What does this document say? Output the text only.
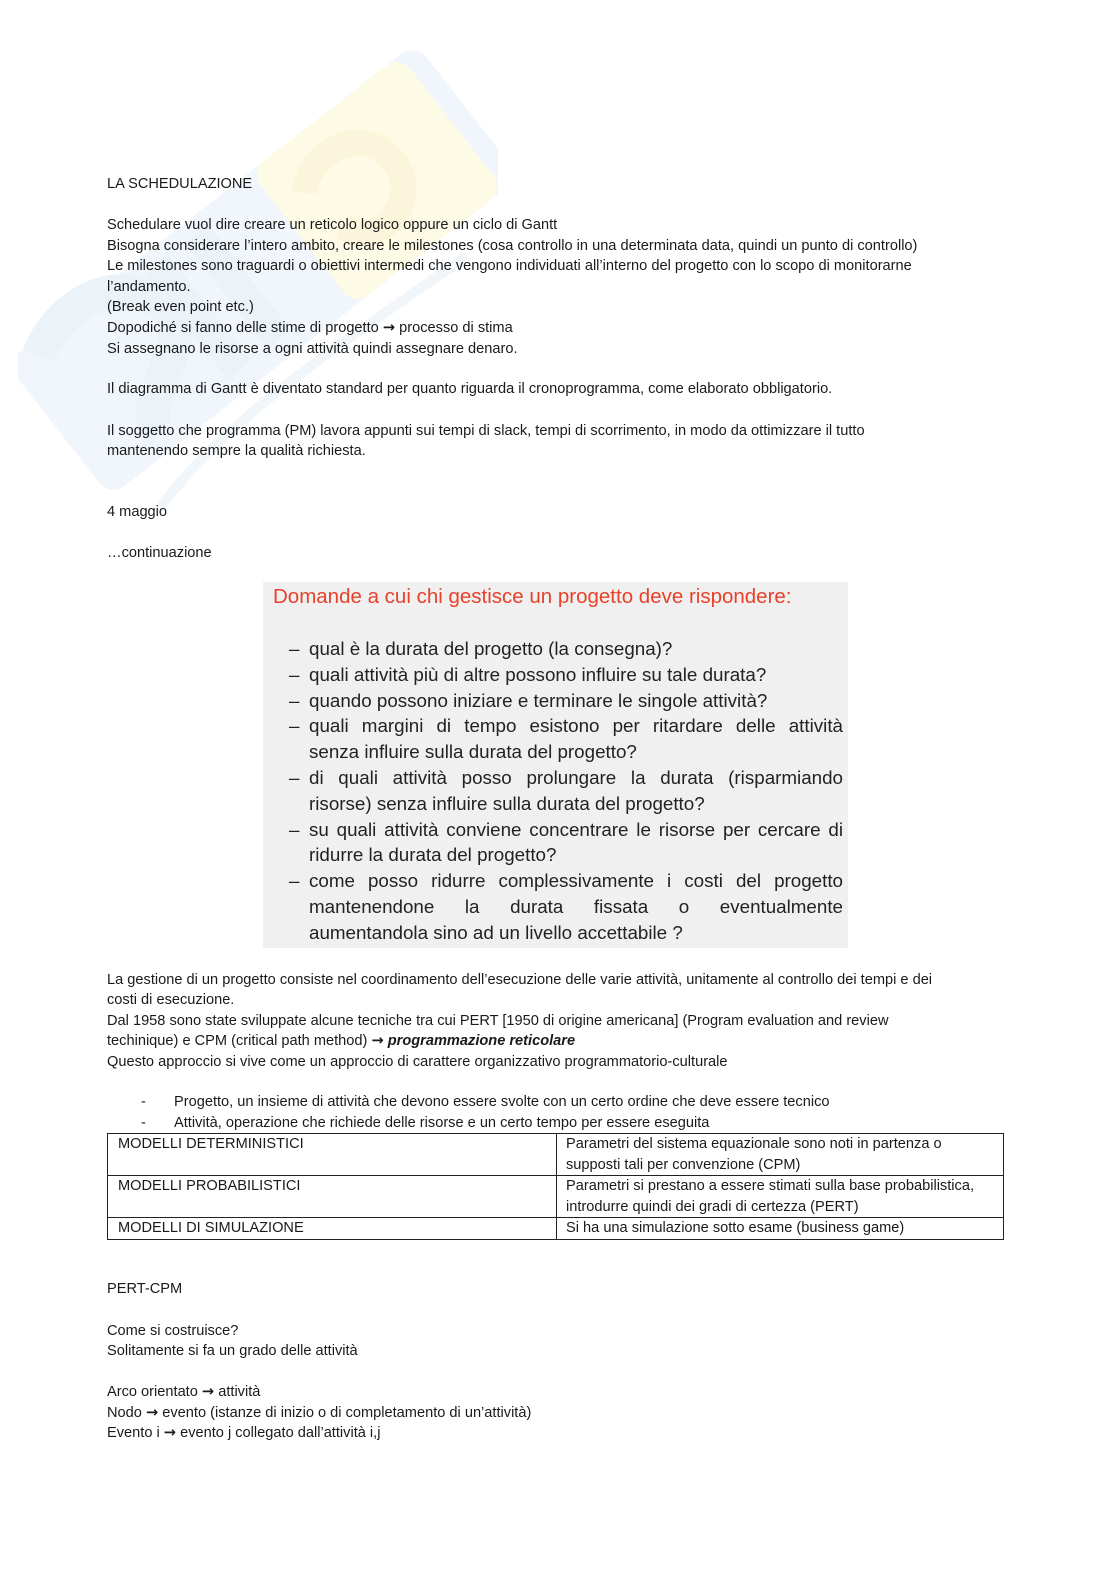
LA SCHEDULAZIONE
Schedulare vuol dire creare un reticolo logico oppure un ciclo di Gantt
Bisogna considerare l’intero ambito, creare le milestones (cosa controllo in una determinata data, quindi un punto di controllo)
Le milestones sono traguardi o obiettivi intermedi che vengono individuati all’interno del progetto con lo scopo di monitorarne
l’andamento.
(Break even point etc.)
Dopodiché si fanno delle stime di progetto → processo di stima
Si assegnano le risorse a ogni attività quindi assegnare denaro.
Il diagramma di Gantt è diventato standard per quanto riguarda il cronoprogramma, come elaborato obbligatorio.
Il soggetto che programma (PM) lavora appunti sui tempi di slack, tempi di scorrimento, in modo da ottimizzare il tutto
mantenendo sempre la qualità richiesta.
4 maggio
…continuazione
Domande a cui chi gestisce un progetto deve rispondere:
– qual è la durata del progetto (la consegna)?
– quali attività più di altre possono influire su tale durata?
– quando possono iniziare e terminare le singole attività?
– quali margini di tempo esistono per ritardare delle attività
senza influire sulla durata del progetto?
– di quali attività posso prolungare la durata (risparmiando
risorse) senza influire sulla durata del progetto?
– su quali attività conviene concentrare le risorse per cercare di
ridurre la durata del progetto?
– come posso ridurre complessivamente i costi del progetto
mantenendone la durata fissata o eventualmente
aumentandola sino ad un livello accettabile ?
La gestione di un progetto consiste nel coordinamento dell’esecuzione delle varie attività, unitamente al controllo dei tempi e dei
costi di esecuzione.
Dal 1958 sono state sviluppate alcune tecniche tra cui PERT [1950 di origine americana] (Program evaluation and review
techinique) e CPM (critical path method) → programmazione reticolare
Questo approccio si vive come un approccio di carattere organizzativo programmatorio-culturale
- Progetto, un insieme di attività che devono essere svolte con un certo ordine che deve essere tecnico
- Attività, operazione che richiede delle risorse e un certo tempo per essere eseguita
MODELLI DETERMINISTICI	Parametri del sistema equazionale sono noti in partenza o supposti tali per convenzione (CPM)
MODELLI PROBABILISTICI	Parametri si prestano a essere stimati sulla base probabilistica, introdurre quindi dei gradi di certezza (PERT)
MODELLI DI SIMULAZIONE	Si ha una simulazione sotto esame (business game)
PERT-CPM
Come si costruisce?
Solitamente si fa un grado delle attività
Arco orientato → attività
Nodo → evento (istanze di inizio o di completamento di un’attività)
Evento i → evento j collegato dall’attività i,j
